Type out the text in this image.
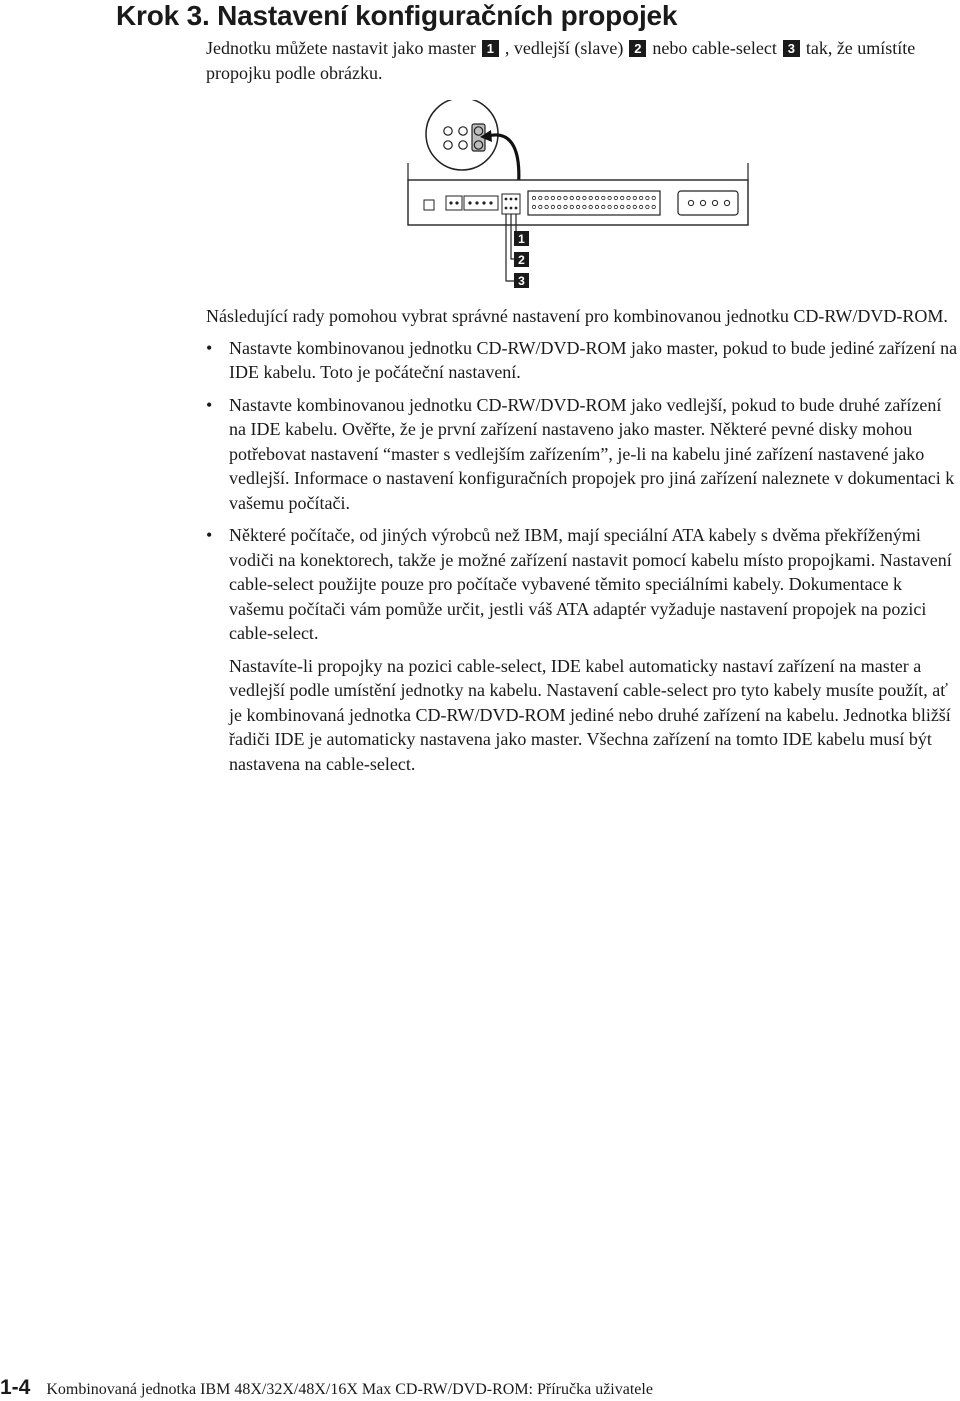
Krok 3. Nastavení konfiguračních propojek
Jednotku můžete nastavit jako master 1 , vedlejší (slave) 2 nebo cable-select 3 tak, že umístíte propojku podle obrázku.
1
2
3

Následující rady pomohou vybrat správné nastavení pro kombinovanou jednotku CD-RW/DVD-ROM.

• Nastavte kombinovanou jednotku CD-RW/DVD-ROM jako master, pokud to bude jediné zařízení na IDE kabelu. Toto je počáteční nastavení.
• Nastavte kombinovanou jednotku CD-RW/DVD-ROM jako vedlejší, pokud to bude druhé zařízení na IDE kabelu. Ověřte, že je první zařízení nastaveno jako master. Některé pevné disky mohou potřebovat nastavení “master s vedlejším zařízením”, je-li na kabelu jiné zařízení nastavené jako vedlejší. Informace o nastavení konfiguračních propojek pro jiná zařízení naleznete v dokumentaci k vašemu počítači.
• Některé počítače, od jiných výrobců než IBM, mají speciální ATA kabely s dvěma překříženými vodiči na konektorech, takže je možné zařízení nastavit pomocí kabelu místo propojkami. Nastavení cable-select použijte pouze pro počítače vybavené těmito speciálními kabely. Dokumentace k vašemu počítači vám pomůže určit, jestli váš ATA adaptér vyžaduje nastavení propojek na pozici cable-select.

Nastavíte-li propojky na pozici cable-select, IDE kabel automaticky nastaví zařízení na master a vedlejší podle umístění jednotky na kabelu. Nastavení cable-select pro tyto kabely musíte použít, ať je kombinovaná jednotka CD-RW/DVD-ROM jediné nebo druhé zařízení na kabelu. Jednotka bližší řadiči IDE je automaticky nastavena jako master. Všechna zařízení na tomto IDE kabelu musí být nastavena na cable-select.

1-4 Kombinovaná jednotka IBM 48X/32X/48X/16X Max CD-RW/DVD-ROM: Příručka uživatele
